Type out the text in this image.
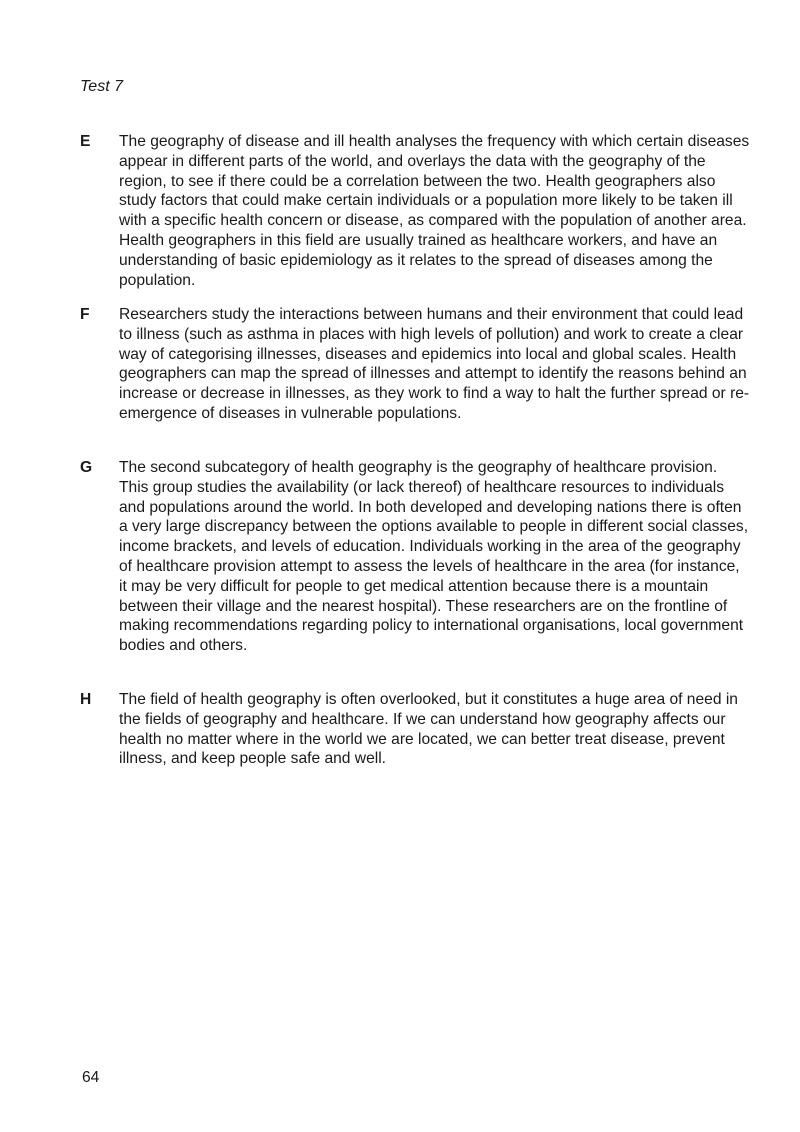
Test 7
E	The geography of disease and ill health analyses the frequency with which certain diseases appear in different parts of the world, and overlays the data with the geography of the region, to see if there could be a correlation between the two. Health geographers also study factors that could make certain individuals or a population more likely to be taken ill with a specific health concern or disease, as compared with the population of another area. Health geographers in this field are usually trained as healthcare workers, and have an understanding of basic epidemiology as it relates to the spread of diseases among the population.
F	Researchers study the interactions between humans and their environment that could lead to illness (such as asthma in places with high levels of pollution) and work to create a clear way of categorising illnesses, diseases and epidemics into local and global scales. Health geographers can map the spread of illnesses and attempt to identify the reasons behind an increase or decrease in illnesses, as they work to find a way to halt the further spread or re-emergence of diseases in vulnerable populations.
G	The second subcategory of health geography is the geography of healthcare provision. This group studies the availability (or lack thereof) of healthcare resources to individuals and populations around the world. In both developed and developing nations there is often a very large discrepancy between the options available to people in different social classes, income brackets, and levels of education. Individuals working in the area of the geography of healthcare provision attempt to assess the levels of healthcare in the area (for instance, it may be very difficult for people to get medical attention because there is a mountain between their village and the nearest hospital). These researchers are on the frontline of making recommendations regarding policy to international organisations, local government bodies and others.
H	The field of health geography is often overlooked, but it constitutes a huge area of need in the fields of geography and healthcare. If we can understand how geography affects our health no matter where in the world we are located, we can better treat disease, prevent illness, and keep people safe and well.
64
